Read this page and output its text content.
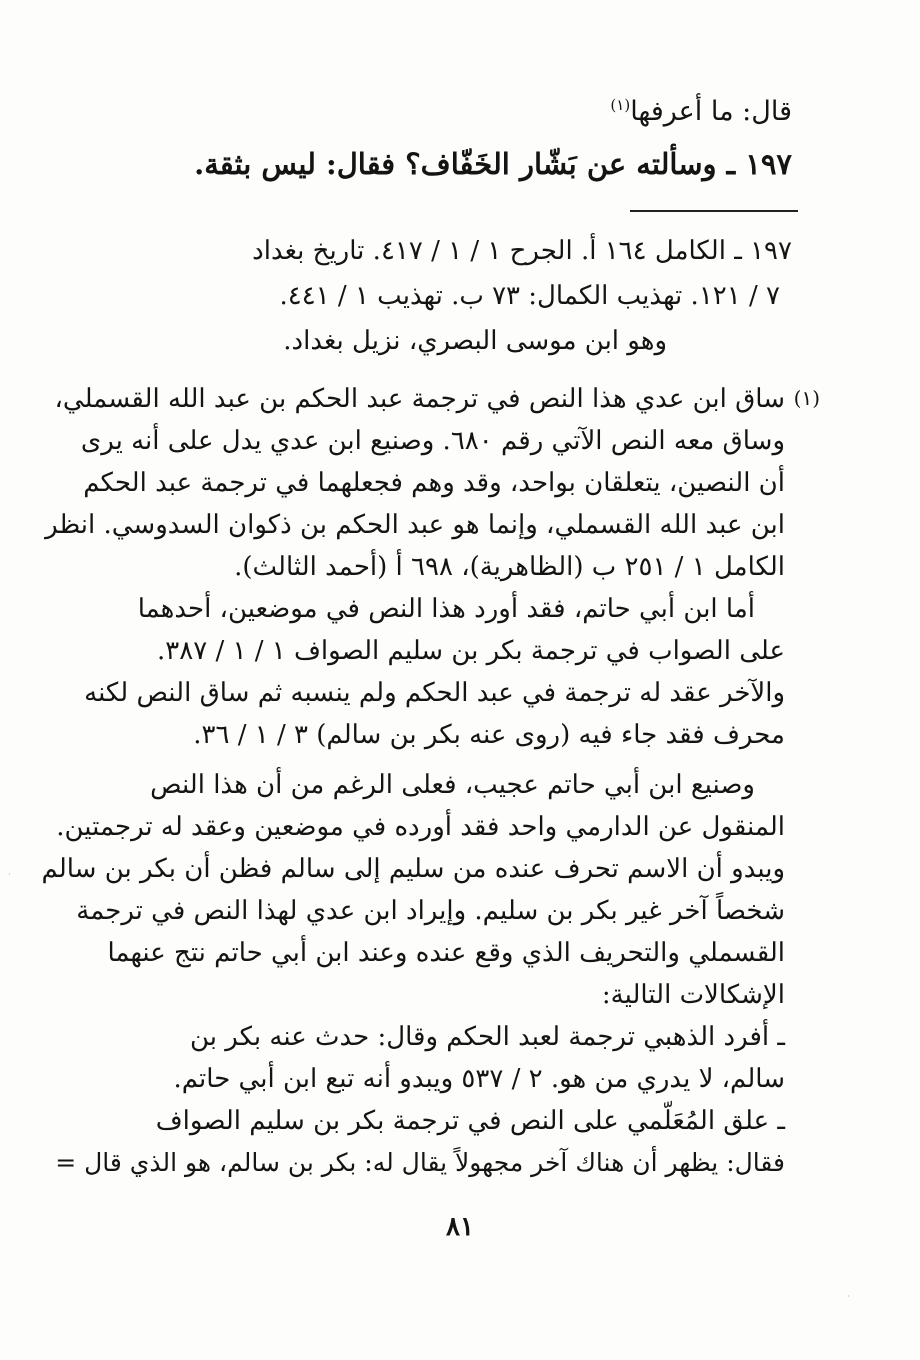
قال: ما أعرفها$^{(١)}$
١٩٧ ـ وسألته عن بَشّار الخَفّاف؟ فقال: ليس بثقة.
١٩٧ ـ الكامل ١٦٤ أ. الجرح ١ / ١ / ٤١٧. تاريخ بغداد
٧ / ١٢١. تهذيب الكمال: ٧٣ ب. تهذيب ١ / ٤٤١.
وهو ابن موسى البصري، نزيل بغداد.
(١)
ساق ابن عدي هذا النص في ترجمة عبد الحكم بن عبد الله القسملي،
وساق معه النص الآتي رقم ٦٨٠. وصنيع ابن عدي يدل على أنه يرى
أن النصين، يتعلقان بواحد، وقد وهم فجعلهما في ترجمة عبد الحكم
ابن عبد الله القسملي، وإنما هو عبد الحكم بن ذكوان السدوسي. انظر
الكامل ١ / ٢٥١ ب (الظاهرية)، ٦٩٨ أ (أحمد الثالث).
أما ابن أبي حاتم، فقد أورد هذا النص في موضعين، أحدهما
على الصواب في ترجمة بكر بن سليم الصواف ١ / ١ / ٣٨٧.
والآخر عقد له ترجمة في عبد الحكم ولم ينسبه ثم ساق النص لكنه
محرف فقد جاء فيه (روى عنه بكر بن سالم) ٣ / ١ / ٣٦.
وصنيع ابن أبي حاتم عجيب، فعلى الرغم من أن هذا النص
المنقول عن الدارمي واحد فقد أورده في موضعين وعقد له ترجمتين.
ويبدو أن الاسم تحرف عنده من سليم إلى سالم فظن أن بكر بن سالم
شخصاً آخر غير بكر بن سليم. وإيراد ابن عدي لهذا النص في ترجمة
القسملي والتحريف الذي وقع عنده وعند ابن أبي حاتم نتج عنهما
الإشكالات التالية:
ـ أفرد الذهبي ترجمة لعبد الحكم وقال: حدث عنه بكر بن
سالم، لا يدري من هو. ٢ / ٥٣٧ ويبدو أنه تبع ابن أبي حاتم.
ـ علق المُعَلّمي على النص في ترجمة بكر بن سليم الصواف
فقال: يظهر أن هناك آخر مجهولاً يقال له: بكر بن سالم، هو الذي قال =
٨١
·
·
